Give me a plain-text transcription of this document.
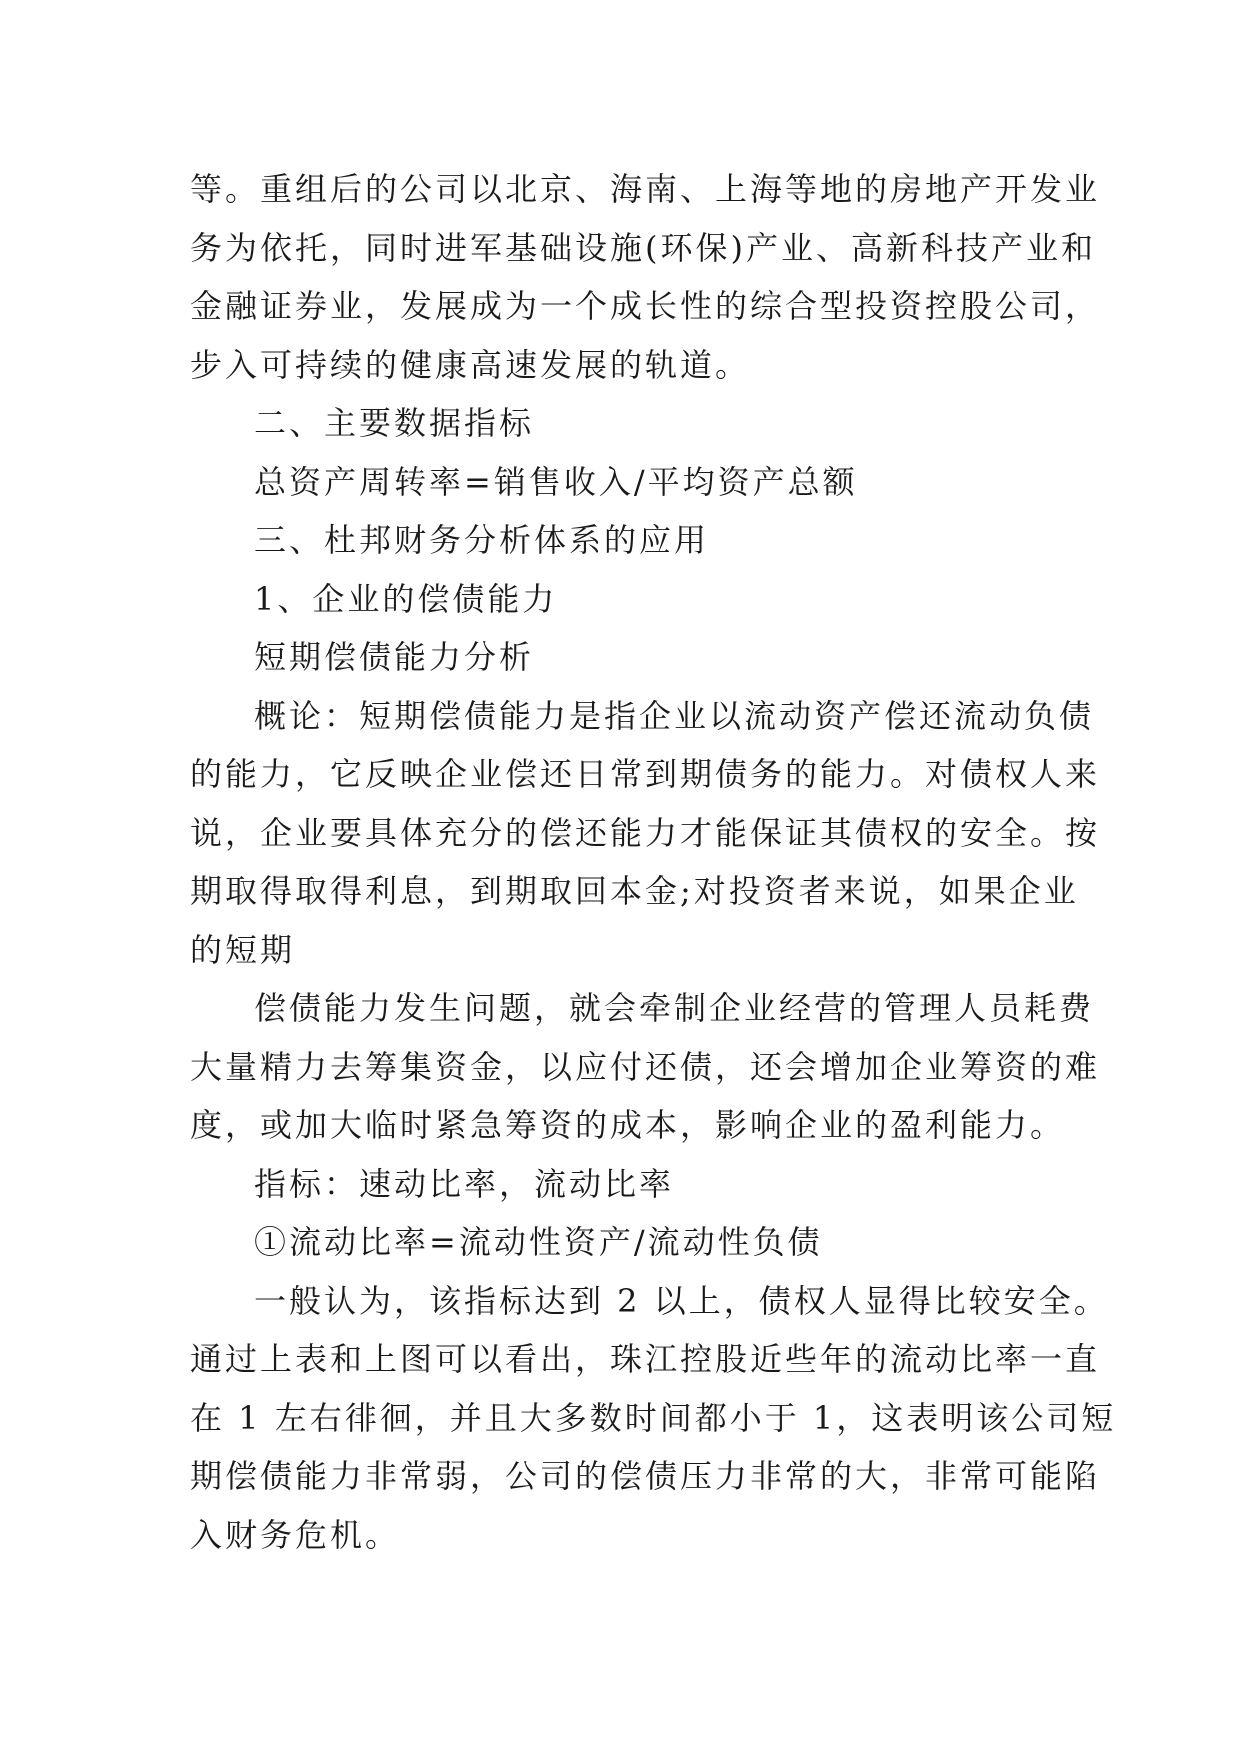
等。重组后的公司以北京、海南、上海等地的房地产开发业

务为依托，同时进军基础设施(环保)产业、高新科技产业和

金融证券业，发展成为一个成长性的综合型投资控股公司，

步入可持续的健康高速发展的轨道。

二、主要数据指标

总资产周转率=销售收入/平均资产总额

三、杜邦财务分析体系的应用

1、企业的偿债能力

短期偿债能力分析

概论：短期偿债能力是指企业以流动资产偿还流动负债

的能力，它反映企业偿还日常到期债务的能力。对债权人来

说，企业要具体充分的偿还能力才能保证其债权的安全。按

期取得取得利息，到期取回本金;对投资者来说，如果企业

的短期

偿债能力发生问题，就会牵制企业经营的管理人员耗费

大量精力去筹集资金，以应付还债，还会增加企业筹资的难

度，或加大临时紧急筹资的成本，影响企业的盈利能力。

指标：速动比率，流动比率

①流动比率=流动性资产/流动性负债

一般认为，该指标达到 2 以上，债权人显得比较安全。

通过上表和上图可以看出，珠江控股近些年的流动比率一直

在 1 左右徘徊，并且大多数时间都小于 1，这表明该公司短

期偿债能力非常弱，公司的偿债压力非常的大，非常可能陷

入财务危机。
